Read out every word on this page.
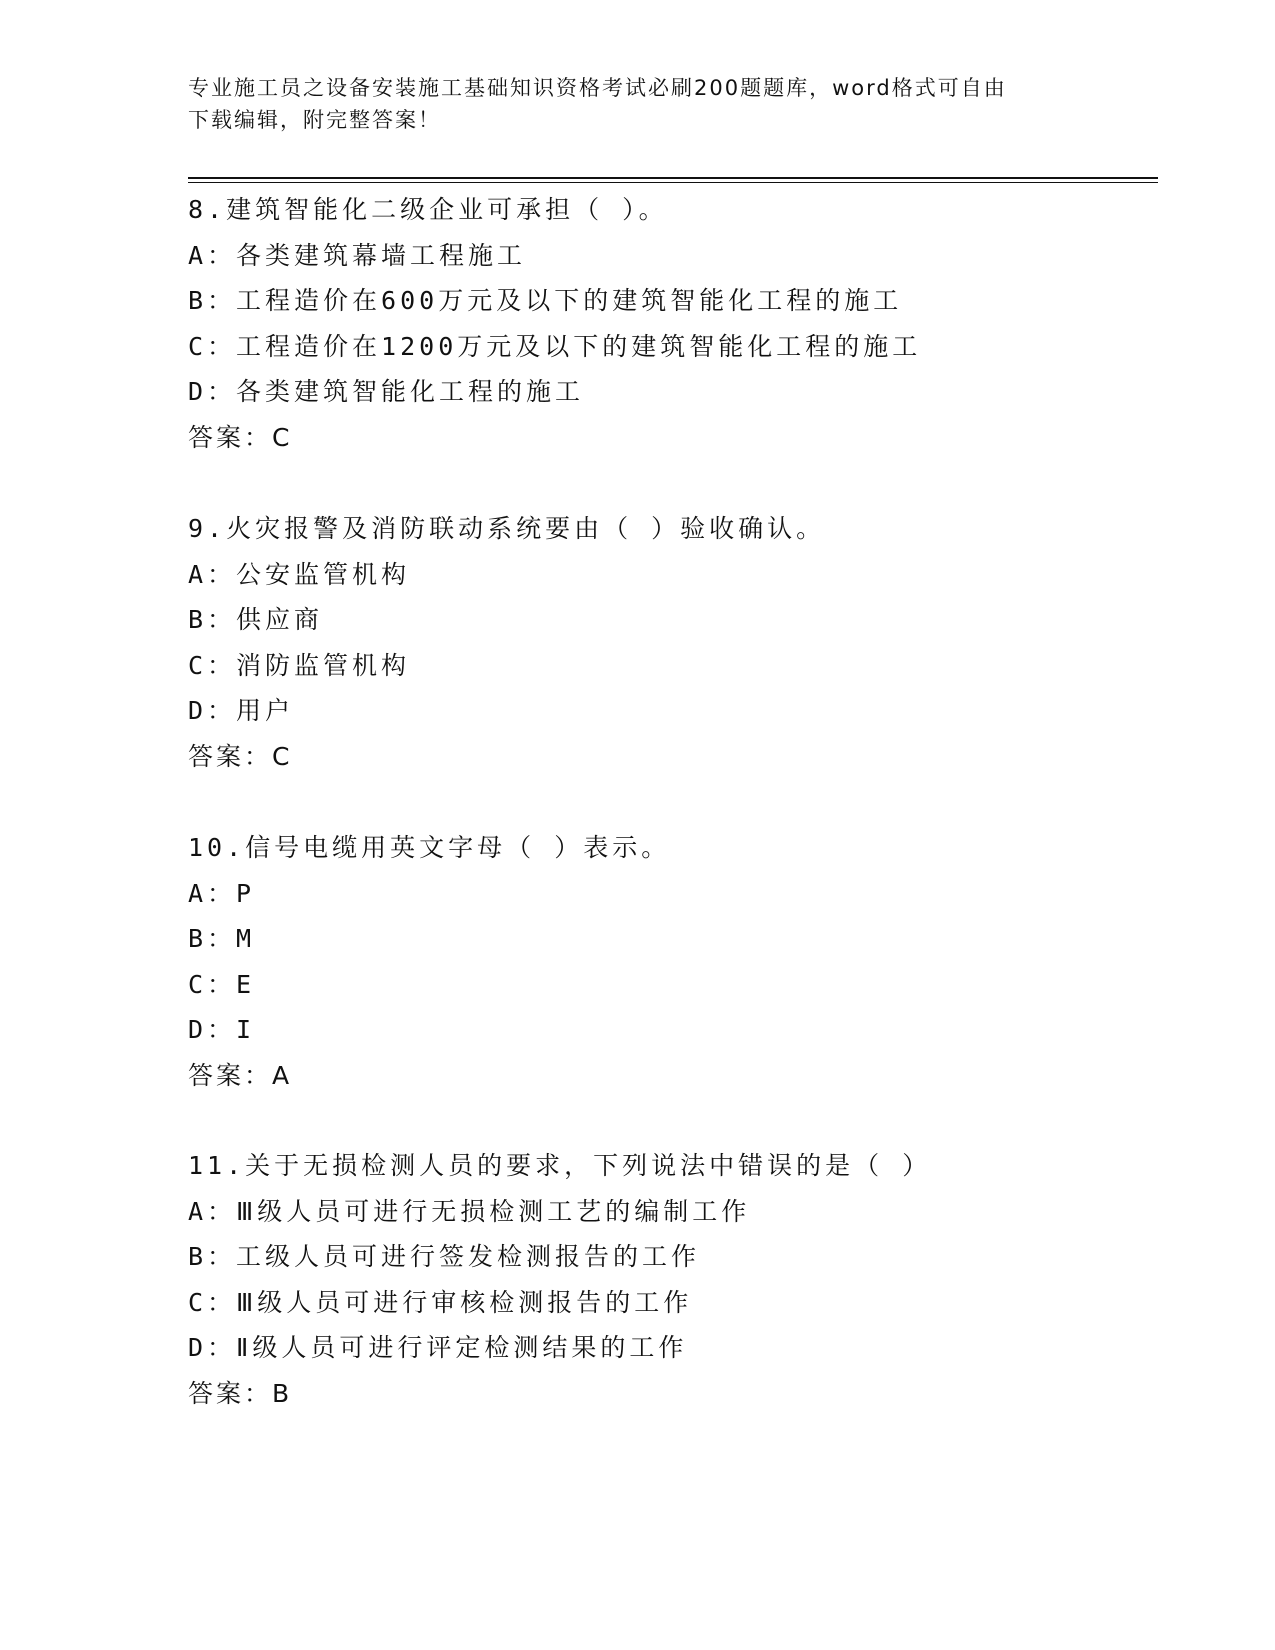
专业施工员之设备安装施工基础知识资格考试必刷200题题库，word格式可自由
下载编辑，附完整答案！
8.建筑智能化二级企业可承担（ ）。
A：各类建筑幕墙工程施工
B：工程造价在600万元及以下的建筑智能化工程的施工
C：工程造价在1200万元及以下的建筑智能化工程的施工
D：各类建筑智能化工程的施工
答案：C
9.火灾报警及消防联动系统要由（ ）验收确认。
A：公安监管机构
B：供应商
C：消防监管机构
D：用户
答案：C
10.信号电缆用英文字母（ ）表示。
A：P
B：M
C：E
D：I
答案：A
11.关于无损检测人员的要求，下列说法中错误的是（ ）
A：Ⅲ级人员可进行无损检测工艺的编制工作
B：工级人员可进行签发检测报告的工作
C：Ⅲ级人员可进行审核检测报告的工作
D：Ⅱ级人员可进行评定检测结果的工作
答案：B
